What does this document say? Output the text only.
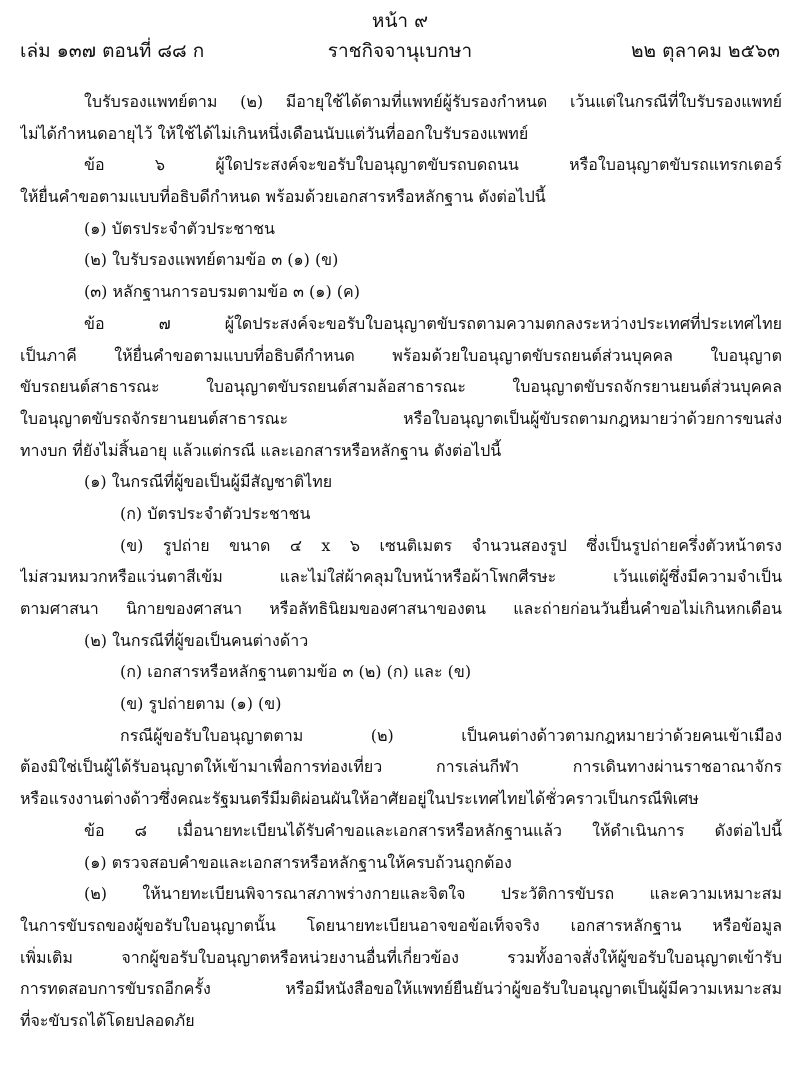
หน้า ๙
เล่ม ๑๓๗ ตอนที่ ๘๘ ก	ราชกิจจานุเบกษา	๒๒ ตุลาคม ๒๕๖๓
ใบรับรองแพทย์ตาม (๒) มีอายุใช้ได้ตามที่แพทย์ผู้รับรองกำหนด เว้นแต่ในกรณีที่ใบรับรองแพทย์
ไม่ได้กำหนดอายุไว้ ให้ใช้ได้ไม่เกินหนึ่งเดือนนับแต่วันที่ออกใบรับรองแพทย์
ข้อ ๖ ผู้ใดประสงค์จะขอรับใบอนุญาตขับรถบดถนน หรือใบอนุญาตขับรถแทรกเตอร์
ให้ยื่นคำขอตามแบบที่อธิบดีกำหนด พร้อมด้วยเอกสารหรือหลักฐาน ดังต่อไปนี้
(๑) บัตรประจำตัวประชาชน
(๒) ใบรับรองแพทย์ตามข้อ ๓ (๑) (ข)
(๓) หลักฐานการอบรมตามข้อ ๓ (๑) (ค)
ข้อ ๗ ผู้ใดประสงค์จะขอรับใบอนุญาตขับรถตามความตกลงระหว่างประเทศที่ประเทศไทย
เป็นภาคี ให้ยื่นคำขอตามแบบที่อธิบดีกำหนด พร้อมด้วยใบอนุญาตขับรถยนต์ส่วนบุคคล ใบอนุญาต
ขับรถยนต์สาธารณะ ใบอนุญาตขับรถยนต์สามล้อสาธารณะ ใบอนุญาตขับรถจักรยานยนต์ส่วนบุคคล
ใบอนุญาตขับรถจักรยานยนต์สาธารณะ หรือใบอนุญาตเป็นผู้ขับรถตามกฎหมายว่าด้วยการขนส่ง
ทางบก ที่ยังไม่สิ้นอายุ แล้วแต่กรณี และเอกสารหรือหลักฐาน ดังต่อไปนี้
(๑) ในกรณีที่ผู้ขอเป็นผู้มีสัญชาติไทย
(ก) บัตรประจำตัวประชาชน
(ข) รูปถ่าย ขนาด ๔ x ๖ เซนติเมตร จำนวนสองรูป ซึ่งเป็นรูปถ่ายครึ่งตัวหน้าตรง
ไม่สวมหมวกหรือแว่นตาสีเข้ม และไม่ใส่ผ้าคลุมใบหน้าหรือผ้าโพกศีรษะ เว้นแต่ผู้ซึ่งมีความจำเป็น
ตามศาสนา นิกายของศาสนา หรือลัทธินิยมของศาสนาของตน และถ่ายก่อนวันยื่นคำขอไม่เกินหกเดือน
(๒) ในกรณีที่ผู้ขอเป็นคนต่างด้าว
(ก) เอกสารหรือหลักฐานตามข้อ ๓ (๒) (ก) และ (ข)
(ข) รูปถ่ายตาม (๑) (ข)
กรณีผู้ขอรับใบอนุญาตตาม (๒) เป็นคนต่างด้าวตามกฎหมายว่าด้วยคนเข้าเมือง
ต้องมิใช่เป็นผู้ได้รับอนุญาตให้เข้ามาเพื่อการท่องเที่ยว การเล่นกีฬา การเดินทางผ่านราชอาณาจักร
หรือแรงงานต่างด้าวซึ่งคณะรัฐมนตรีมีมติผ่อนผันให้อาศัยอยู่ในประเทศไทยได้ชั่วคราวเป็นกรณีพิเศษ
ข้อ ๘ เมื่อนายทะเบียนได้รับคำขอและเอกสารหรือหลักฐานแล้ว ให้ดำเนินการ ดังต่อไปนี้
(๑) ตรวจสอบคำขอและเอกสารหรือหลักฐานให้ครบถ้วนถูกต้อง
(๒) ให้นายทะเบียนพิจารณาสภาพร่างกายและจิตใจ ประวัติการขับรถ และความเหมาะสม
ในการขับรถของผู้ขอรับใบอนุญาตนั้น โดยนายทะเบียนอาจขอข้อเท็จจริง เอกสารหลักฐาน หรือข้อมูล
เพิ่มเติม จากผู้ขอรับใบอนุญาตหรือหน่วยงานอื่นที่เกี่ยวข้อง รวมทั้งอาจสั่งให้ผู้ขอรับใบอนุญาตเข้ารับ
การทดสอบการขับรถอีกครั้ง หรือมีหนังสือขอให้แพทย์ยืนยันว่าผู้ขอรับใบอนุญาตเป็นผู้มีความเหมาะสม
ที่จะขับรถได้โดยปลอดภัย
